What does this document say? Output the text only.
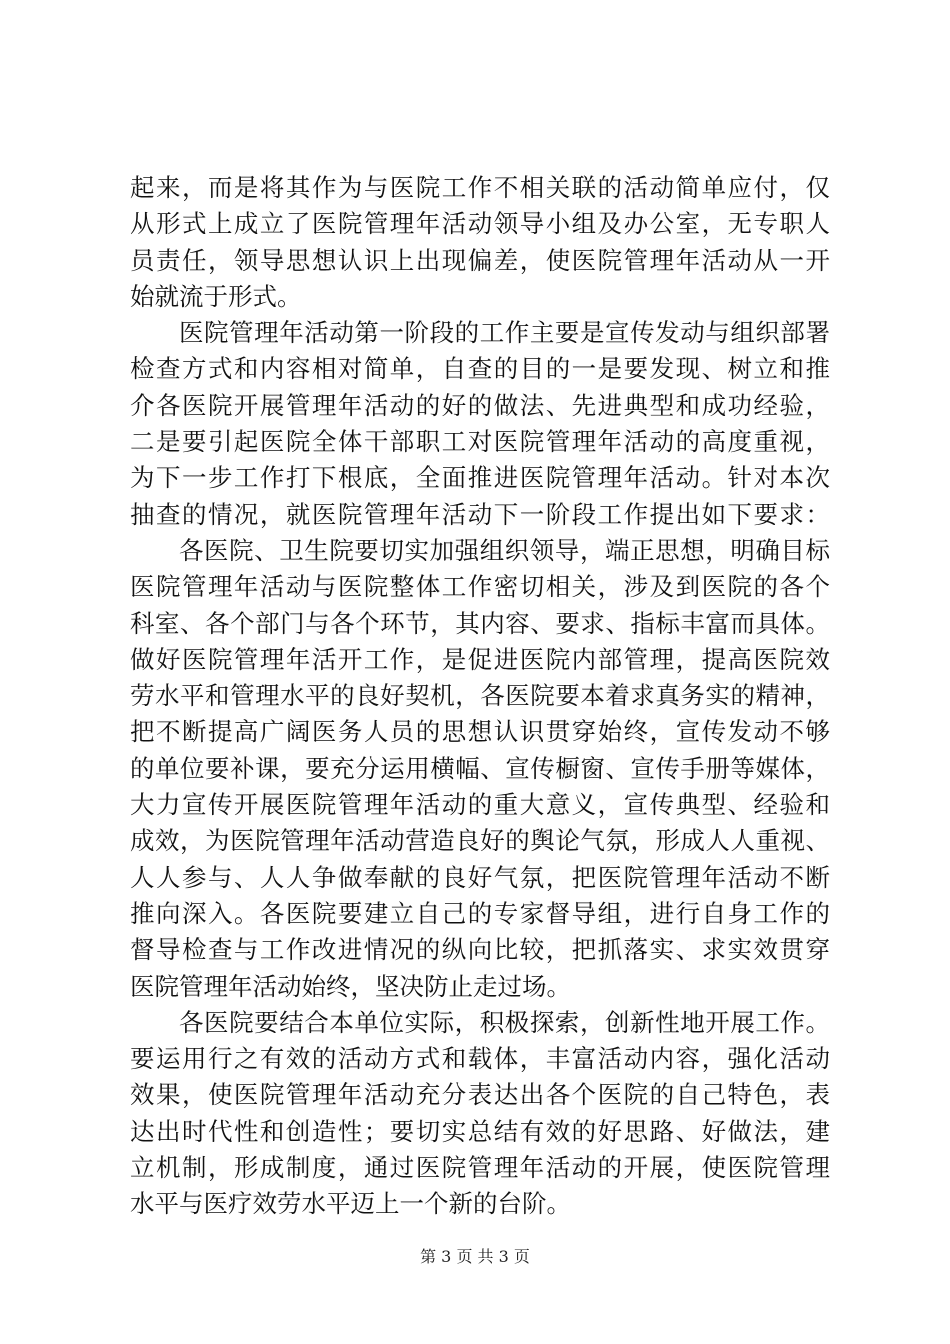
起来，而是将其作为与医院工作不相关联的活动简单应付，仅
从形式上成立了医院管理年活动领导小组及办公室，无专职人
员责任，领导思想认识上出现偏差，使医院管理年活动从一开
始就流于形式。

医院管理年活动第一阶段的工作主要是宣传发动与组织部署
检查方式和内容相对简单，自查的目的一是要发现、树立和推
介各医院开展管理年活动的好的做法、先进典型和成功经验，
二是要引起医院全体干部职工对医院管理年活动的高度重视，
为下一步工作打下根底，全面推进医院管理年活动。针对本次
抽查的情况，就医院管理年活动下一阶段工作提出如下要求：

各医院、卫生院要切实加强组织领导，端正思想，明确目标
医院管理年活动与医院整体工作密切相关，涉及到医院的各个
科室、各个部门与各个环节，其内容、要求、指标丰富而具体。
做好医院管理年活开工作，是促进医院内部管理，提高医院效
劳水平和管理水平的良好契机，各医院要本着求真务实的精神，
把不断提高广阔医务人员的思想认识贯穿始终，宣传发动不够
的单位要补课，要充分运用横幅、宣传橱窗、宣传手册等媒体，
大力宣传开展医院管理年活动的重大意义，宣传典型、经验和
成效，为医院管理年活动营造良好的舆论气氛，形成人人重视、
人人参与、人人争做奉献的良好气氛，把医院管理年活动不断
推向深入。各医院要建立自己的专家督导组，进行自身工作的
督导检查与工作改进情况的纵向比较，把抓落实、求实效贯穿
医院管理年活动始终，坚决防止走过场。

各医院要结合本单位实际，积极探索，创新性地开展工作。
要运用行之有效的活动方式和载体，丰富活动内容，强化活动
效果，使医院管理年活动充分表达出各个医院的自己特色，表
达出时代性和创造性；要切实总结有效的好思路、好做法，建
立机制，形成制度，通过医院管理年活动的开展，使医院管理
水平与医疗效劳水平迈上一个新的台阶。

第 3 页 共 3 页
